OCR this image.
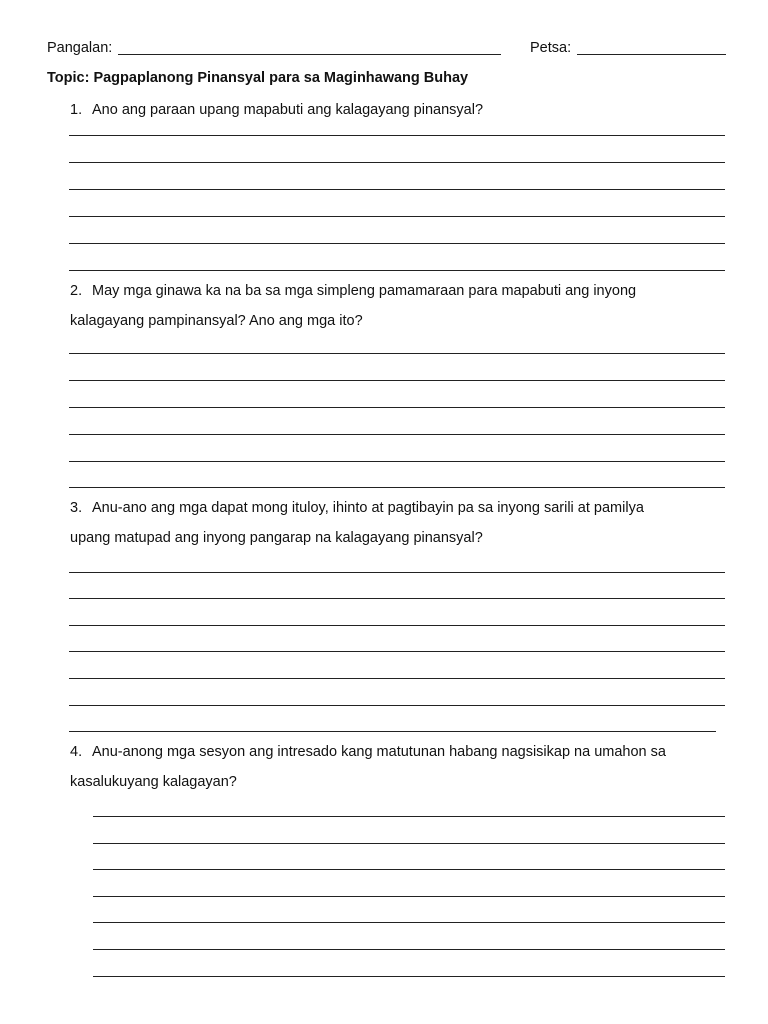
Pangalan:	Petsa:
Topic: Pagpaplanong Pinansyal para sa Maginhawang Buhay
1. Ano ang paraan upang mapabuti ang kalagayang pinansyal?
2. May mga ginawa ka na ba sa mga simpleng pamamaraan para mapabuti ang inyong
kalagayang pampinansyal? Ano ang mga ito?
3. Anu-ano ang mga dapat mong ituloy, ihinto at pagtibayin pa sa inyong sarili at pamilya
upang matupad ang inyong pangarap na kalagayang pinansyal?
4. Anu-anong mga sesyon ang intresado kang matutunan habang nagsisikap na umahon sa
kasalukuyang kalagayan?
